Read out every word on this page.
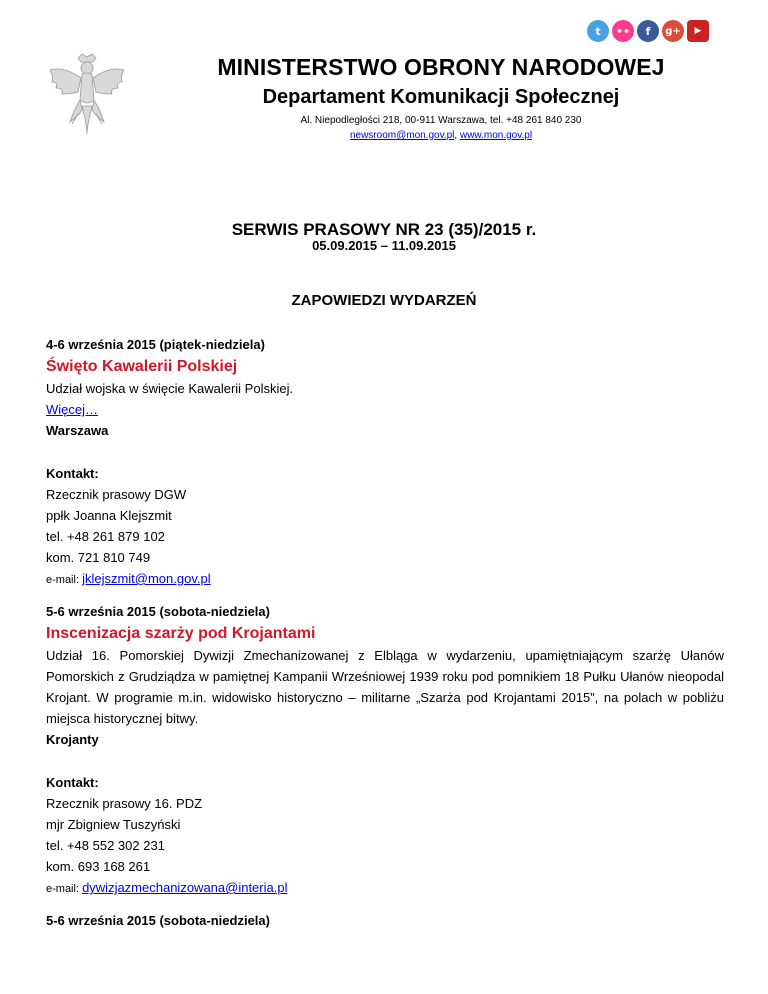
t	••	f	g+	▶
MINISTERSTWO OBRONY NARODOWEJ
Departament Komunikacji Społecznej
Al. Niepodległości 218, 00-911 Warszawa, tel. +48 261 840 230
newsroom@mon.gov.pl, www.mon.gov.pl
SERWIS PRASOWY NR 23 (35)/2015 r.
05.09.2015 – 11.09.2015
ZAPOWIEDZI WYDARZEŃ
4-6 września 2015 (piątek-niedziela)
Święto Kawalerii Polskiej
Udział wojska w święcie Kawalerii Polskiej.
Więcej…
Warszawa
Kontakt:
Rzecznik prasowy DGW
ppłk Joanna Klejszmit
tel. +48 261 879 102
kom. 721 810 749
e-mail: jklejszmit@mon.gov.pl
5-6 września 2015 (sobota-niedziela)
Inscenizacja szarży pod Krojantami
Udział 16. Pomorskiej Dywizji Zmechanizowanej z Elbląga w wydarzeniu, upamiętniającym szarżę Ułanów Pomorskich z Grudziądza w pamiętnej Kampanii Wrześniowej 1939 roku pod pomnikiem 18 Pułku Ułanów nieopodal Krojant. W programie m.in. widowisko historyczno – militarne „Szarża pod Krojantami 2015”, na polach w pobliżu miejsca historycznej bitwy.
Krojanty
Kontakt:
Rzecznik prasowy 16. PDZ
mjr Zbigniew Tuszyński
tel. +48 552 302 231
kom. 693 168 261
e-mail: dywizjazmechanizowana@interia.pl
5-6 września 2015 (sobota-niedziela)
